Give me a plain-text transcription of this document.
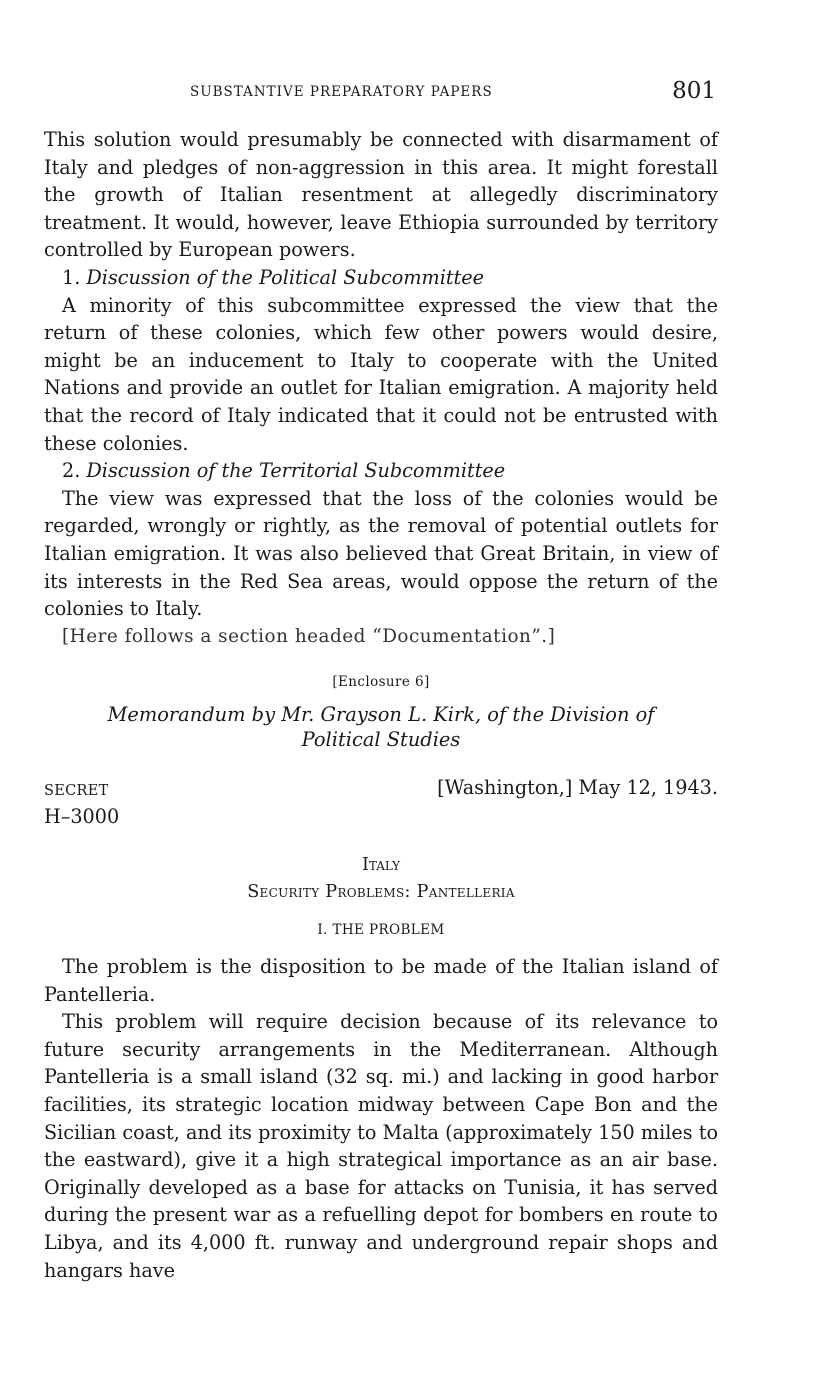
SUBSTANTIVE PREPARATORY PAPERS	801

This solution would presumably be connected with disarmament of Italy and pledges of non-aggression in this area. It might forestall the growth of Italian resentment at allegedly discriminatory treatment. It would, however, leave Ethiopia surrounded by territory controlled by European powers.

1. Discussion of the Political Subcommittee

A minority of this subcommittee expressed the view that the return of these colonies, which few other powers would desire, might be an inducement to Italy to cooperate with the United Nations and provide an outlet for Italian emigration. A majority held that the record of Italy indicated that it could not be entrusted with these colonies.

2. Discussion of the Territorial Subcommittee

The view was expressed that the loss of the colonies would be regarded, wrongly or rightly, as the removal of potential outlets for Italian emigration. It was also believed that Great Britain, in view of its interests in the Red Sea areas, would oppose the return of the colonies to Italy.

[Here follows a section headed “Documentation”.]

[Enclosure 6]
Memorandum by Mr. Grayson L. Kirk, of the Division of Political Studies
SECRET	[Washington,] May 12, 1943.
H–3000
Italy
Security Problems: Pantelleria
I. THE PROBLEM

The problem is the disposition to be made of the Italian island of Pantelleria.

This problem will require decision because of its relevance to future security arrangements in the Mediterranean. Although Pantelleria is a small island (32 sq. mi.) and lacking in good harbor facilities, its strategic location midway between Cape Bon and the Sicilian coast, and its proximity to Malta (approximately 150 miles to the eastward), give it a high strategical importance as an air base. Originally developed as a base for attacks on Tunisia, it has served during the present war as a refuelling depot for bombers en route to Libya, and its 4,000 ft. runway and underground repair shops and hangars have
